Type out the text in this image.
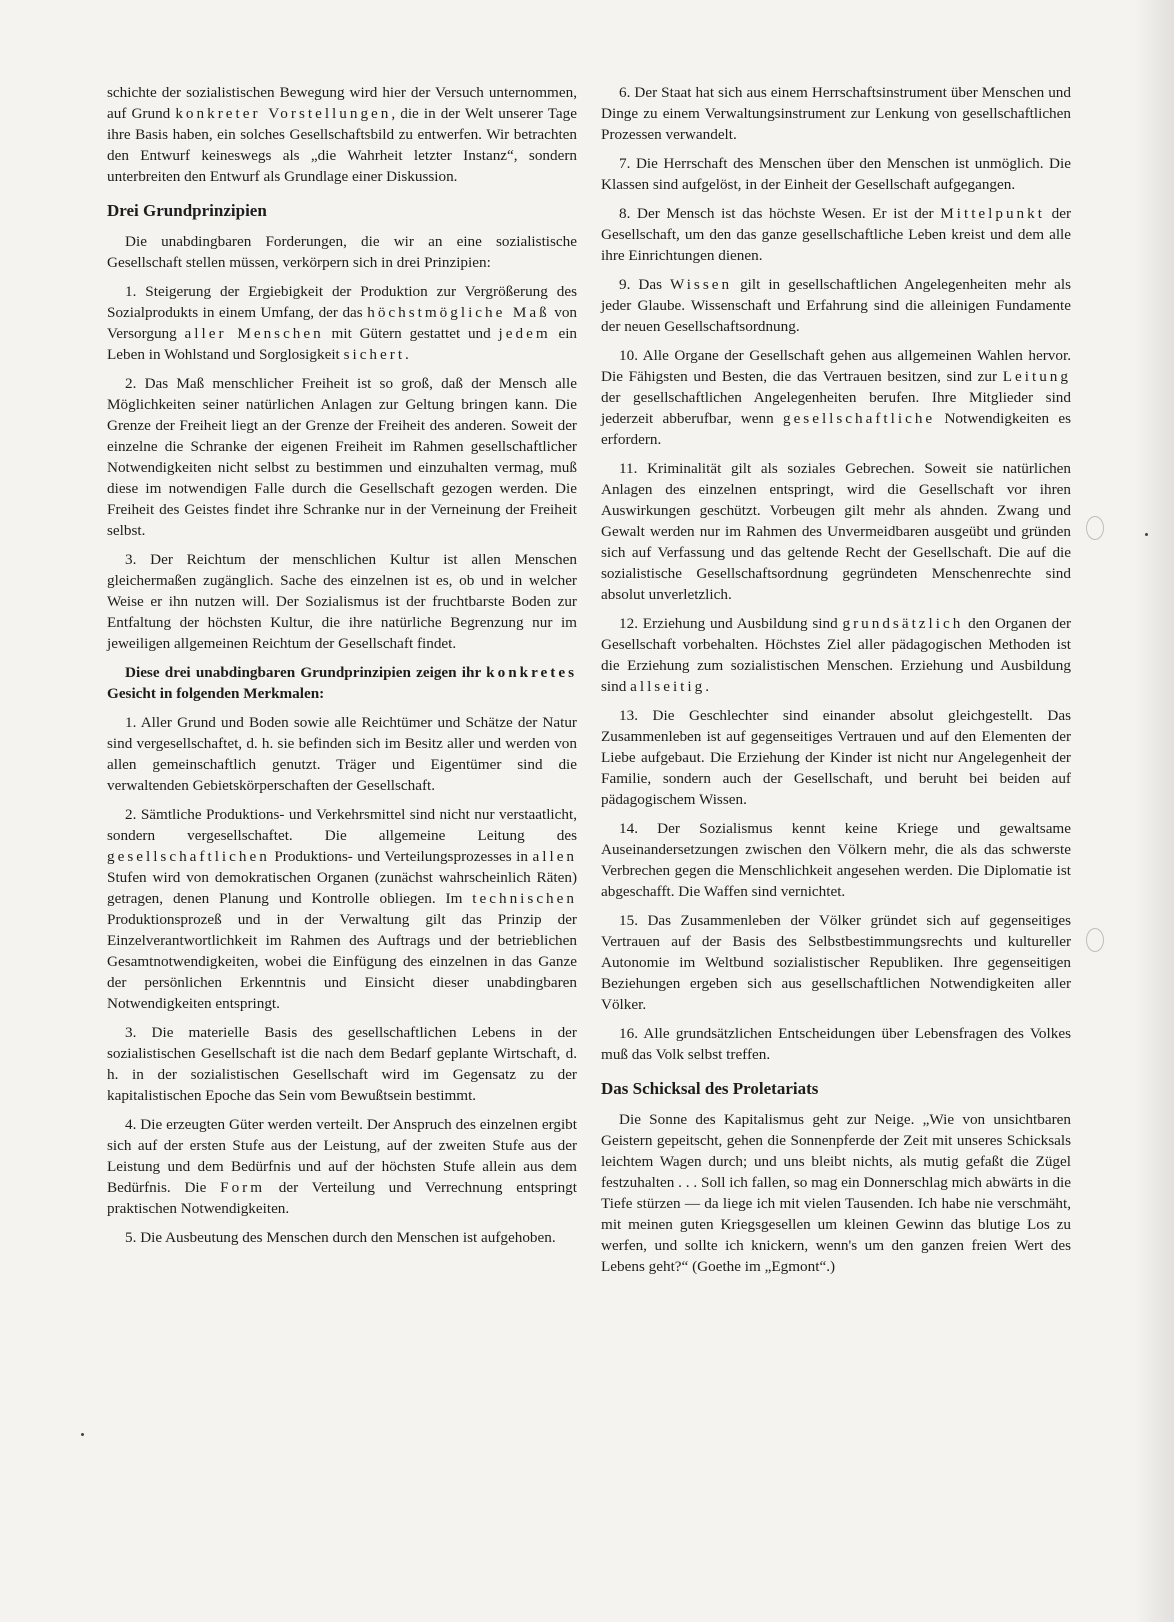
schichte der sozialistischen Bewegung wird hier der Versuch unternommen, auf Grund konkreter Vorstellungen, die in der Welt unserer Tage ihre Basis haben, ein solches Gesellschaftsbild zu entwerfen. Wir betrachten den Entwurf keineswegs als „die Wahrheit letzter Instanz“, sondern unterbreiten den Entwurf als Grundlage einer Diskussion.

Drei Grundprinzipien

Die unabdingbaren Forderungen, die wir an eine sozialistische Gesellschaft stellen müssen, verkörpern sich in drei Prinzipien:

1. Steigerung der Ergiebigkeit der Produktion zur Vergrößerung des Sozialprodukts in einem Umfang, der das höchstmögliche Maß von Versorgung aller Menschen mit Gütern gestattet und jedem ein Leben in Wohlstand und Sorglosigkeit sichert.

2. Das Maß menschlicher Freiheit ist so groß, daß der Mensch alle Möglichkeiten seiner natürlichen Anlagen zur Geltung bringen kann. Die Grenze der Freiheit liegt an der Grenze der Freiheit des anderen. Soweit der einzelne die Schranke der eigenen Freiheit im Rahmen gesellschaftlicher Notwendigkeiten nicht selbst zu bestimmen und einzuhalten vermag, muß diese im notwendigen Falle durch die Gesellschaft gezogen werden. Die Freiheit des Geistes findet ihre Schranke nur in der Verneinung der Freiheit selbst.

3. Der Reichtum der menschlichen Kultur ist allen Menschen gleichermaßen zugänglich. Sache des einzelnen ist es, ob und in welcher Weise er ihn nutzen will. Der Sozialismus ist der fruchtbarste Boden zur Entfaltung der höchsten Kultur, die ihre natürliche Begrenzung nur im jeweiligen allgemeinen Reichtum der Gesellschaft findet.

Diese drei unabdingbaren Grundprinzipien zeigen ihr konkretes Gesicht in folgenden Merkmalen:

1. Aller Grund und Boden sowie alle Reichtümer und Schätze der Natur sind vergesellschaftet, d. h. sie befinden sich im Besitz aller und werden von allen gemeinschaftlich genutzt. Träger und Eigentümer sind die verwaltenden Gebietskörperschaften der Gesellschaft.

2. Sämtliche Produktions- und Verkehrsmittel sind nicht nur verstaatlicht, sondern vergesellschaftet. Die allgemeine Leitung des gesellschaftlichen Produktions- und Verteilungsprozesses in allen Stufen wird von demokratischen Organen (zunächst wahrscheinlich Räten) getragen, denen Planung und Kontrolle obliegen. Im technischen Produktionsprozeß und in der Verwaltung gilt das Prinzip der Einzelverantwortlichkeit im Rahmen des Auftrags und der betrieblichen Gesamtnotwendigkeiten, wobei die Einfügung des einzelnen in das Ganze der persönlichen Erkenntnis und Einsicht dieser unabdingbaren Notwendigkeiten entspringt.

3. Die materielle Basis des gesellschaftlichen Lebens in der sozialistischen Gesellschaft ist die nach dem Bedarf geplante Wirtschaft, d. h. in der sozialistischen Gesellschaft wird im Gegensatz zu der kapitalistischen Epoche das Sein vom Bewußtsein bestimmt.

4. Die erzeugten Güter werden verteilt. Der Anspruch des einzelnen ergibt sich auf der ersten Stufe aus der Leistung, auf der zweiten Stufe aus der Leistung und dem Bedürfnis und auf der höchsten Stufe allein aus dem Bedürfnis. Die Form der Verteilung und Verrechnung entspringt praktischen Notwendigkeiten.

5. Die Ausbeutung des Menschen durch den Menschen ist aufgehoben.

6. Der Staat hat sich aus einem Herrschaftsinstrument über Menschen und Dinge zu einem Verwaltungsinstrument zur Lenkung von gesellschaftlichen Prozessen verwandelt.

7. Die Herrschaft des Menschen über den Menschen ist unmöglich. Die Klassen sind aufgelöst, in der Einheit der Gesellschaft aufgegangen.

8. Der Mensch ist das höchste Wesen. Er ist der Mittelpunkt der Gesellschaft, um den das ganze gesellschaftliche Leben kreist und dem alle ihre Einrichtungen dienen.

9. Das Wissen gilt in gesellschaftlichen Angelegenheiten mehr als jeder Glaube. Wissenschaft und Erfahrung sind die alleinigen Fundamente der neuen Gesellschaftsordnung.

10. Alle Organe der Gesellschaft gehen aus allgemeinen Wahlen hervor. Die Fähigsten und Besten, die das Vertrauen besitzen, sind zur Leitung der gesellschaftlichen Angelegenheiten berufen. Ihre Mitglieder sind jederzeit abberufbar, wenn gesellschaftliche Notwendigkeiten es erfordern.

11. Kriminalität gilt als soziales Gebrechen. Soweit sie natürlichen Anlagen des einzelnen entspringt, wird die Gesellschaft vor ihren Auswirkungen geschützt. Vorbeugen gilt mehr als ahnden. Zwang und Gewalt werden nur im Rahmen des Unvermeidbaren ausgeübt und gründen sich auf Verfassung und das geltende Recht der Gesellschaft. Die auf die sozialistische Gesellschaftsordnung gegründeten Menschenrechte sind absolut unverletzlich.

12. Erziehung und Ausbildung sind grundsätzlich den Organen der Gesellschaft vorbehalten. Höchstes Ziel aller pädagogischen Methoden ist die Erziehung zum sozialistischen Menschen. Erziehung und Ausbildung sind allseitig.

13. Die Geschlechter sind einander absolut gleichgestellt. Das Zusammenleben ist auf gegenseitiges Vertrauen und auf den Elementen der Liebe aufgebaut. Die Erziehung der Kinder ist nicht nur Angelegenheit der Familie, sondern auch der Gesellschaft, und beruht bei beiden auf pädagogischem Wissen.

14. Der Sozialismus kennt keine Kriege und gewaltsame Auseinandersetzungen zwischen den Völkern mehr, die als das schwerste Verbrechen gegen die Menschlichkeit angesehen werden. Die Diplomatie ist abgeschafft. Die Waffen sind vernichtet.

15. Das Zusammenleben der Völker gründet sich auf gegenseitiges Vertrauen auf der Basis des Selbstbestimmungsrechts und kultureller Autonomie im Weltbund sozialistischer Republiken. Ihre gegenseitigen Beziehungen ergeben sich aus gesellschaftlichen Notwendigkeiten aller Völker.

16. Alle grundsätzlichen Entscheidungen über Lebensfragen des Volkes muß das Volk selbst treffen.

Das Schicksal des Proletariats

Die Sonne des Kapitalismus geht zur Neige. „Wie von unsichtbaren Geistern gepeitscht, gehen die Sonnenpferde der Zeit mit unseres Schicksals leichtem Wagen durch; und uns bleibt nichts, als mutig gefaßt die Zügel festzuhalten . . . Soll ich fallen, so mag ein Donnerschlag mich abwärts in die Tiefe stürzen — da liege ich mit vielen Tausenden. Ich habe nie verschmäht, mit meinen guten Kriegsgesellen um kleinen Gewinn das blutige Los zu werfen, und sollte ich knickern, wenn's um den ganzen freien Wert des Lebens geht?“ (Goethe im „Egmont“.)
